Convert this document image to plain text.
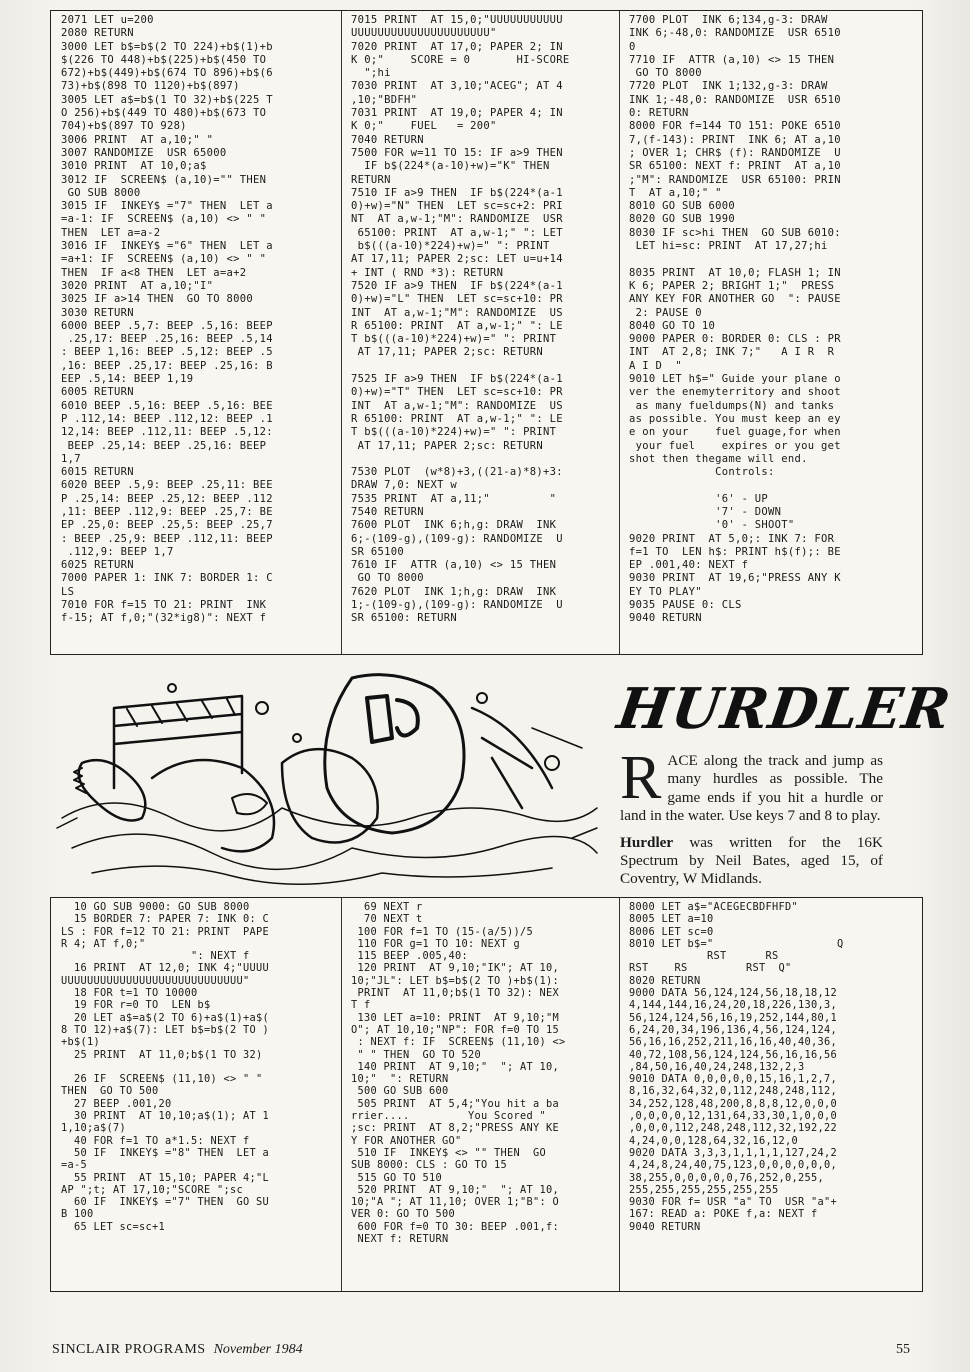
2071 LET u=200
2080 RETURN
3000 LET b$=b$(2 TO 224)+b$(1)+b
$(226 TO 448)+b$(225)+b$(450 TO
672)+b$(449)+b$(674 TO 896)+b$(6
73)+b$(898 TO 1120)+b$(897)
3005 LET a$=b$(1 TO 32)+b$(225 T
O 256)+b$(449 TO 480)+b$(673 TO
704)+b$(897 TO 928)
3006 PRINT  AT a,10;" "
3007 RANDOMIZE  USR 65000
3010 PRINT  AT 10,0;a$
3012 IF  SCREEN$ (a,10)="" THEN
GO SUB 8000
3015 IF  INKEY$ ="7" THEN  LET a
=a-1: IF  SCREEN$ (a,10) <> " "
THEN  LET a=a-2
3016 IF  INKEY$ ="6" THEN  LET a
=a+1: IF  SCREEN$ (a,10) <> " "
THEN  IF a<8 THEN  LET a=a+2
3020 PRINT  AT a,10;"I"
3025 IF a>14 THEN  GO TO 8000
3030 RETURN
6000 BEEP .5,7: BEEP .5,16: BEEP
.25,17: BEEP .25,16: BEEP .5,14
: BEEP 1,16: BEEP .5,12: BEEP .5
,16: BEEP .25,17: BEEP .25,16: B
EEP .5,14: BEEP 1,19
6005 RETURN
6010 BEEP .5,16: BEEP .5,16: BEE
P .112,14: BEEP .112,12: BEEP .1
12,14: BEEP .112,11: BEEP .5,12:
BEEP .25,14: BEEP .25,16: BEEP
1,7
6015 RETURN
6020 BEEP .5,9: BEEP .25,11: BEE
P .25,14: BEEP .25,12: BEEP .112
,11: BEEP .112,9: BEEP .25,7: BE
EP .25,0: BEEP .25,5: BEEP .25,7
: BEEP .25,9: BEEP .112,11: BEEP
.112,9: BEEP 1,7
6025 RETURN
7000 PAPER 1: INK 7: BORDER 1: C
LS
7010 FOR f=15 TO 21: PRINT  INK
f-15; AT f,0;"(32*ig8)": NEXT f
7015 PRINT  AT 15,0;"UUUUUUUUUUU
UUUUUUUUUUUUUUUUUUUUU"
7020 PRINT  AT 17,0; PAPER 2; IN
K 0;"    SCORE = 0       HI-SCORE
";hi
7030 PRINT  AT 3,10;"ACEG"; AT 4
,10;"BDFH"
7031 PRINT  AT 19,0; PAPER 4; IN
K 0;"    FUEL   = 200"
7040 RETURN
7500 FOR w=11 TO 15: IF a>9 THEN
IF b$(224*(a-10)+w)="K" THEN
RETURN
7510 IF a>9 THEN  IF b$(224*(a-1
0)+w)="N" THEN  LET sc=sc+2: PRI
NT  AT a,w-1;"M": RANDOMIZE  USR
65100: PRINT  AT a,w-1;" ": LET
b$(((a-10)*224)+w)=" ": PRINT
AT 17,11; PAPER 2;sc: LET u=u+14
+ INT ( RND *3): RETURN
7520 IF a>9 THEN  IF b$(224*(a-1
0)+w)="L" THEN  LET sc=sc+10: PR
INT  AT a,w-1;"M": RANDOMIZE  US
R 65100: PRINT  AT a,w-1;" ": LE
T b$(((a-10)*224)+w)=" ": PRINT
AT 17,11; PAPER 2;sc: RETURN

7525 IF a>9 THEN  IF b$(224*(a-1
0)+w)="T" THEN  LET sc=sc+10: PR
INT  AT a,w-1;"M": RANDOMIZE  US
R 65100: PRINT  AT a,w-1;" ": LE
T b$(((a-10)*224)+w)=" ": PRINT
AT 17,11; PAPER 2;sc: RETURN

7530 PLOT  (w*8)+3,((21-a)*8)+3:
DRAW 7,0: NEXT w
7535 PRINT  AT a,11;"         "
7540 RETURN
7600 PLOT  INK 6;h,g: DRAW  INK
6;-(109-g),(109-g): RANDOMIZE  U
SR 65100
7610 IF  ATTR (a,10) <> 15 THEN
GO TO 8000
7620 PLOT  INK 1;h,g: DRAW  INK
1;-(109-g),(109-g): RANDOMIZE  U
SR 65100: RETURN
7700 PLOT  INK 6;134,g-3: DRAW
INK 6;-48,0: RANDOMIZE  USR 6510
0
7710 IF  ATTR (a,10) <> 15 THEN
GO TO 8000
7720 PLOT  INK 1;132,g-3: DRAW
INK 1;-48,0: RANDOMIZE  USR 6510
0: RETURN
8000 FOR f=144 TO 151: POKE 6510
7,(f-143): PRINT  INK 6; AT a,10
; OVER 1; CHR$ (f): RANDOMIZE  U
SR 65100: NEXT f: PRINT  AT a,10
;"M": RANDOMIZE  USR 65100: PRIN
T  AT a,10;" "
8010 GO SUB 6000
8020 GO SUB 1990
8030 IF sc>hi THEN  GO SUB 6010:
LET hi=sc: PRINT  AT 17,27;hi

8035 PRINT  AT 10,0; FLASH 1; IN
K 6; PAPER 2; BRIGHT 1;"  PRESS
ANY KEY FOR ANOTHER GO  ": PAUSE
2: PAUSE 0
8040 GO TO 10
9000 PAPER 0: BORDER 0: CLS : PR
INT  AT 2,8; INK 7;"   A I R  R
A I D  "
9010 LET h$=" Guide your plane o
ver the enemyterritory and shoot
as many fueldumps(N) and tanks
as possible. You must keep an ey
e on your    fuel guage,for when
your fuel    expires or you get
shot then thegame will end.
Controls:

'6' - UP
'7' - DOWN
'0' - SHOOT"
9020 PRINT  AT 5,0;: INK 7: FOR
f=1 TO  LEN h$: PRINT h$(f);: BE
EP .001,40: NEXT f
9030 PRINT  AT 19,6;"PRESS ANY K
EY TO PLAY"
9035 PAUSE 0: CLS
9040 RETURN
HURDLER

RACE along the track and jump as many hurdles as possible. The game ends if you hit a hurdle or land in the water. Use keys 7 and 8 to play.

Hurdler was written for the 16K Spectrum by Neil Bates, aged 15, of Coventry, W Midlands.

10 GO SUB 9000: GO SUB 8000
15 BORDER 7: PAPER 7: INK 0: C
LS : FOR f=12 TO 21: PRINT  PAPE
R 4; AT f,0;"
": NEXT f
16 PRINT  AT 12,0; INK 4;"UUUU
UUUUUUUUUUUUUUUUUUUUUUUUUUUU"
18 FOR t=1 TO 10000
19 FOR r=0 TO  LEN b$
20 LET a$=a$(2 TO 6)+a$(1)+a$(
8 TO 12)+a$(7): LET b$=b$(2 TO )
+b$(1)
25 PRINT  AT 11,0;b$(1 TO 32)

26 IF  SCREEN$ (11,10) <> " "
THEN  GO TO 500
27 BEEP .001,20
30 PRINT  AT 10,10;a$(1); AT 1
1,10;a$(7)
40 FOR f=1 TO a*1.5: NEXT f
50 IF  INKEY$ ="8" THEN  LET a
=a-5
55 PRINT  AT 15,10; PAPER 4;"L
AP ";t; AT 17,10;"SCORE ";sc
60 IF  INKEY$ ="7" THEN  GO SU
B 100
65 LET sc=sc+1
69 NEXT r
70 NEXT t
100 FOR f=1 TO (15-(a/5))/5
110 FOR g=1 TO 10: NEXT g
115 BEEP .005,40:
120 PRINT  AT 9,10;"IK"; AT 10,
10;"JL": LET b$=b$(2 TO )+b$(1):
PRINT  AT 11,0;b$(1 TO 32): NEX
T f
130 LET a=10: PRINT  AT 9,10;"M
O"; AT 10,10;"NP": FOR f=0 TO 15
: NEXT f: IF  SCREEN$ (11,10) <>
" " THEN  GO TO 520
140 PRINT  AT 9,10;"  "; AT 10,
10;"  ": RETURN
500 GO SUB 600
505 PRINT  AT 5,4;"You hit a ba
rrier....         You Scored "
;sc: PRINT  AT 8,2;"PRESS ANY KE
Y FOR ANOTHER GO"
510 IF  INKEY$ <> "" THEN  GO
SUB 8000: CLS : GO TO 15
515 GO TO 510
520 PRINT  AT 9,10;"  "; AT 10,
10;"A "; AT 11,10; OVER 1;"B": O
VER 0: GO TO 500
600 FOR f=0 TO 30: BEEP .001,f:
NEXT f: RETURN
8000 LET a$="ACEGECBDFHFD"
8005 LET a=10
8006 LET sc=0
8010 LET b$="                   Q
RST      RS
RST    RS         RST  Q"
8020 RETURN
9000 DATA 56,124,124,56,18,18,12
4,144,144,16,24,20,18,226,130,3,
56,124,124,56,16,19,252,144,80,1
6,24,20,34,196,136,4,56,124,124,
56,16,16,252,211,16,16,40,40,36,
40,72,108,56,124,124,56,16,16,56
,84,50,16,40,24,248,132,2,3
9010 DATA 0,0,0,0,0,15,16,1,2,7,
8,16,32,64,32,0,112,248,248,112,
34,252,128,48,200,8,8,8,12,0,0,0
,0,0,0,0,12,131,64,33,30,1,0,0,0
,0,0,0,112,248,248,112,32,192,22
4,24,0,0,128,64,32,16,12,0
9020 DATA 3,3,3,1,1,1,1,127,24,2
4,24,8,24,40,75,123,0,0,0,0,0,0,
38,255,0,0,0,0,0,76,252,0,255,
255,255,255,255,255,255
9030 FOR f= USR "a" TO  USR "a"+
167: READ a: POKE f,a: NEXT f
9040 RETURN
SINCLAIR PROGRAMS November 1984	55
